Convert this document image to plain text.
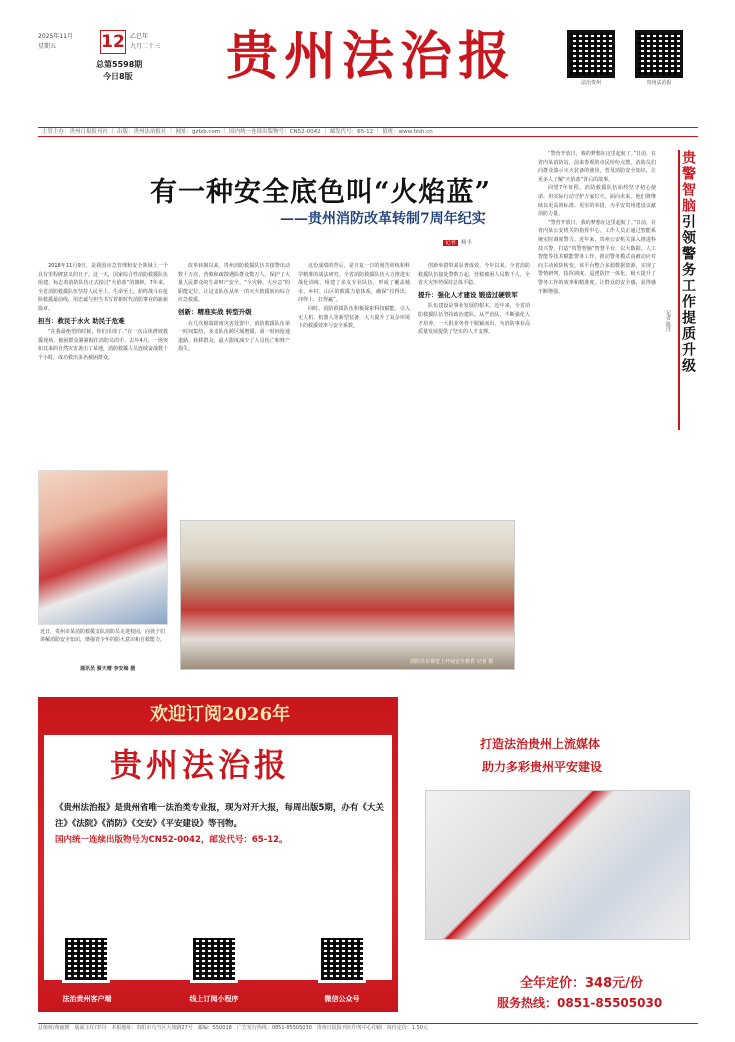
2025年11月
星期五	12 乙巳年
九月二十三
总第5598期
今日8版 贵州法治报	法治贵州	贵州法治报
主管主办：贵州日报报刊社 ｜ 出版：贵州法治报社 ｜ 网址：gzfzb.com ｜ 国内统一连续出版物号：CN52-0042 ｜ 邮发代号：65-12 ｜ 值班：www.fzsh.cn
有一种安全底色叫“火焰蓝”
——贵州消防改革转制7周年纪实
记者 杨丰

2018年11月9日，是我国应急管理和安全领域上一个具有里程碑意义的日子。这一天，国家综合性消防救援队伍组建，标志着消防队伍正式接过“火焰蓝”的旗帜。7年来，全省消防救援队伍坚持人民至上、生命至上，始终战斗在抢险救援最前线，用忠诚与担当书写着新时代消防事业的崭新篇章。

担当：救民于水火 助民于危难

“在我最绝望的时候，你们出现了。”在一次山体滑坡救援现场，被困群众紧紧握住消防员的手。去年4月，一场突如其来的自然灾害袭击了某地，消防救援人员连续奋战数十个小时，成功救出多名被困群众。

改革转制以来，贵州消防救援队伍共接警出动数十万次，营救和疏散遇险群众数万人，保护了大量人民群众的生命财产安全。“全灾种、大应急”的职能定位，让这支队伍从单一的灭火救援转向综合应急救援。

创新：精准实战 转型升级

在几次极端降雨灾害处置中，消防救援队伍第一时间集结，多支队伍跨区域增援，第一时间抢通道路、转移群众，最大限度减少了人员伤亡和财产损失。

这份成绩的背后，是日复一日的刻苦训练和科学精准的战法研究。全省消防救援队伍大力推进实战化训练，组建了多支专业队伍，形成了覆盖城市、乡村、山区的救援力量体系，确保“拉得出、冲得上、打得赢”。

同时，消防救援队伍积极探索科技赋能，引入无人机、机器人等新型装备，大大提升了复杂环境下的救援效率与安全系数。

创新举措带来显著成效。今年以来，全省消防救援队伍接处警数万起，营救被困人员数千人，全省火灾形势保持总体平稳。

提升：强化人才建设 锻造过硬铁军

队伍建设是事业发展的根本。近年来，全省消防救援队伍坚持政治建队、从严治队，不断强化人才培养，一大批业务骨干脱颖而出，为消防事业高质量发展提供了坚实的人才支撑。

“警营开放日，我的梦想在这里起航了。”日前，在省内某消防站，前来参观的市民纷纷点赞。消防员们向群众演示灭火装备的使用，普及消防安全知识，让更多人了解“火焰蓝”背后的故事。

回望7年征程，消防救援队伍始终坚守初心使命，用实际行动守护万家灯火。面向未来，他们将继续以更高的标准、更实的举措，为平安贵州建设贡献消防力量。

“警营开放日，我的梦想在这里起航了。”日前，在省内某公安机关的指挥中心，工作人员正通过智能系统实时调度警力。近年来，贵州公安机关深入推进科技兴警，打造“贵警智脑”智慧平台，以大数据、人工智能等技术赋能警务工作，推动警务模式由被动应对向主动预防转变。该平台整合多源数据资源，实现了警情研判、指挥调度、巡逻防控一体化，极大提升了警务工作的效率和精准度，让群众的安全感、获得感不断增强。

近日，贵州市某消防救援支队消防员走进校园，向孩子们讲解消防安全知识，增强青少年的防火意识和自救能力。
通讯员 蔡天晴 李安梅 摄
消防员在课堂上开展安全教育 记者 摄
贵警智脑引领警务工作提质升级
记者 陈洋
欢迎订阅2026年
贵州法治报

《贵州法治报》是贵州省唯一法治类专业报，现为对开大报，每周出版5期，办有《大关注》《法院》《消防》《交安》《平安建设》等刊物。

国内统一连续出版物号为CN52-0042，邮发代号：65-12。

法治贵州客户端	线上订阅小程序	微信公众号
打造法治贵州上流媒体
助力多彩贵州平安建设
全年定价：348元/份
服务热线：0851-85505030
总值班/黄丽媛　版面主任/李丹　本报地址：贵阳市乌当区大坡路27号　邮编：550018　广告发行热线：0851-85505030　贵州日报报刊社印务中心印刷　每份定价：1.50元
